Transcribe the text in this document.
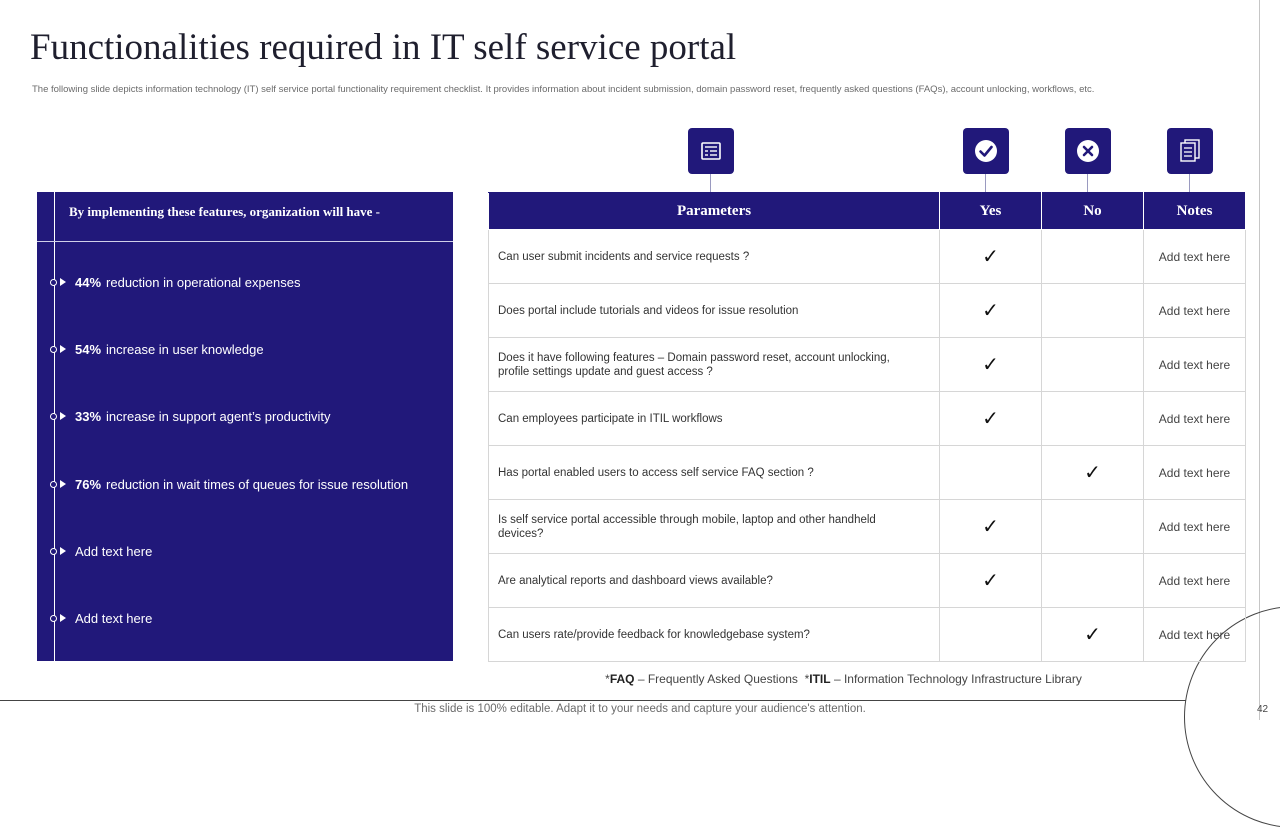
Functionalities required in IT self service portal

The following slide depicts information technology (IT) self service portal functionality requirement checklist. It provides information about incident submission, domain password reset, frequently asked questions (FAQs), account unlocking, workflows, etc.

By implementing these features, organization will have -
44% reduction in operational expenses
54% increase in user knowledge
33% increase in support agent’s productivity
76% reduction in wait times of queues for issue resolution
Add text here
Add text here
Parameters	Yes	No	Notes
Can user submit incidents and service requests ?	✓		Add text here
Does portal include tutorials and videos for issue resolution	✓		Add text here
Does it have following features – Domain password reset, account unlocking, profile settings update and guest access ?	✓		Add text here
Can employees participate in ITIL workflows	✓		Add text here
Has portal enabled users to access self service FAQ section ?		✓	Add text here
Is self service portal accessible through mobile, laptop and other handheld devices?	✓		Add text here
Are analytical reports and dashboard views available?	✓		Add text here
Can users rate/provide feedback for knowledgebase system?		✓	Add text here
*FAQ – Frequently Asked Questions  *ITIL – Information Technology Infrastructure Library
This slide is 100% editable. Adapt it to your needs and capture your audience's attention.	42
